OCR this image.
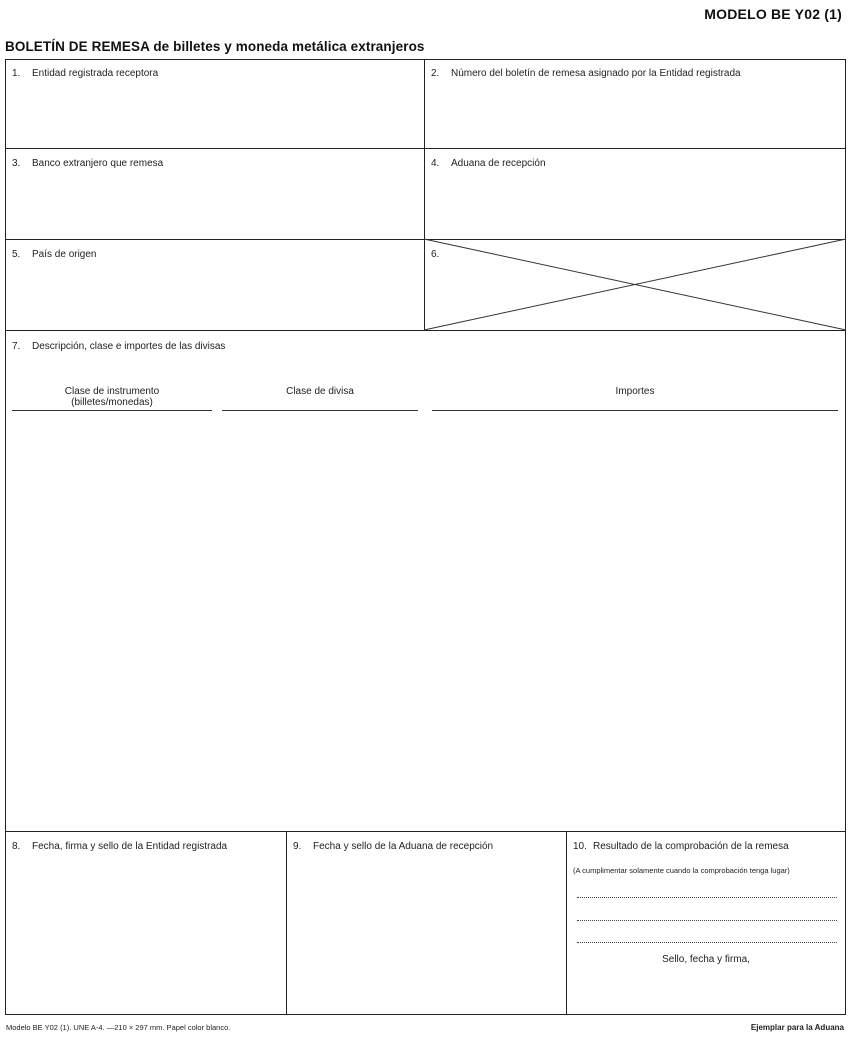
MODELO BE Y02 (1)
BOLETÍN DE REMESA de billetes y moneda metálica extranjeros
1. Entidad registrada receptora	2. Número del boletín de remesa asignado por la Entidad registrada
3. Banco extranjero que remesa	4. Aduana de recepción
5. País de origen	6.
7. Descripción, clase e importes de las divisas
Clase de instrumento
(billetes/monedas)
Clase de divisa	Importes
8. Fecha, firma y sello de la Entidad registrada	9. Fecha y sello de la Aduana de recepción	10. Resultado de la comprobación de la remesa
(A cumplimentar solamente cuando la comprobación tenga lugar)
Sello, fecha y firma,
Modelo BE Y02 (1). UNE A-4. —210 × 297 mm. Papel color blanco.	Ejemplar para la Aduana
